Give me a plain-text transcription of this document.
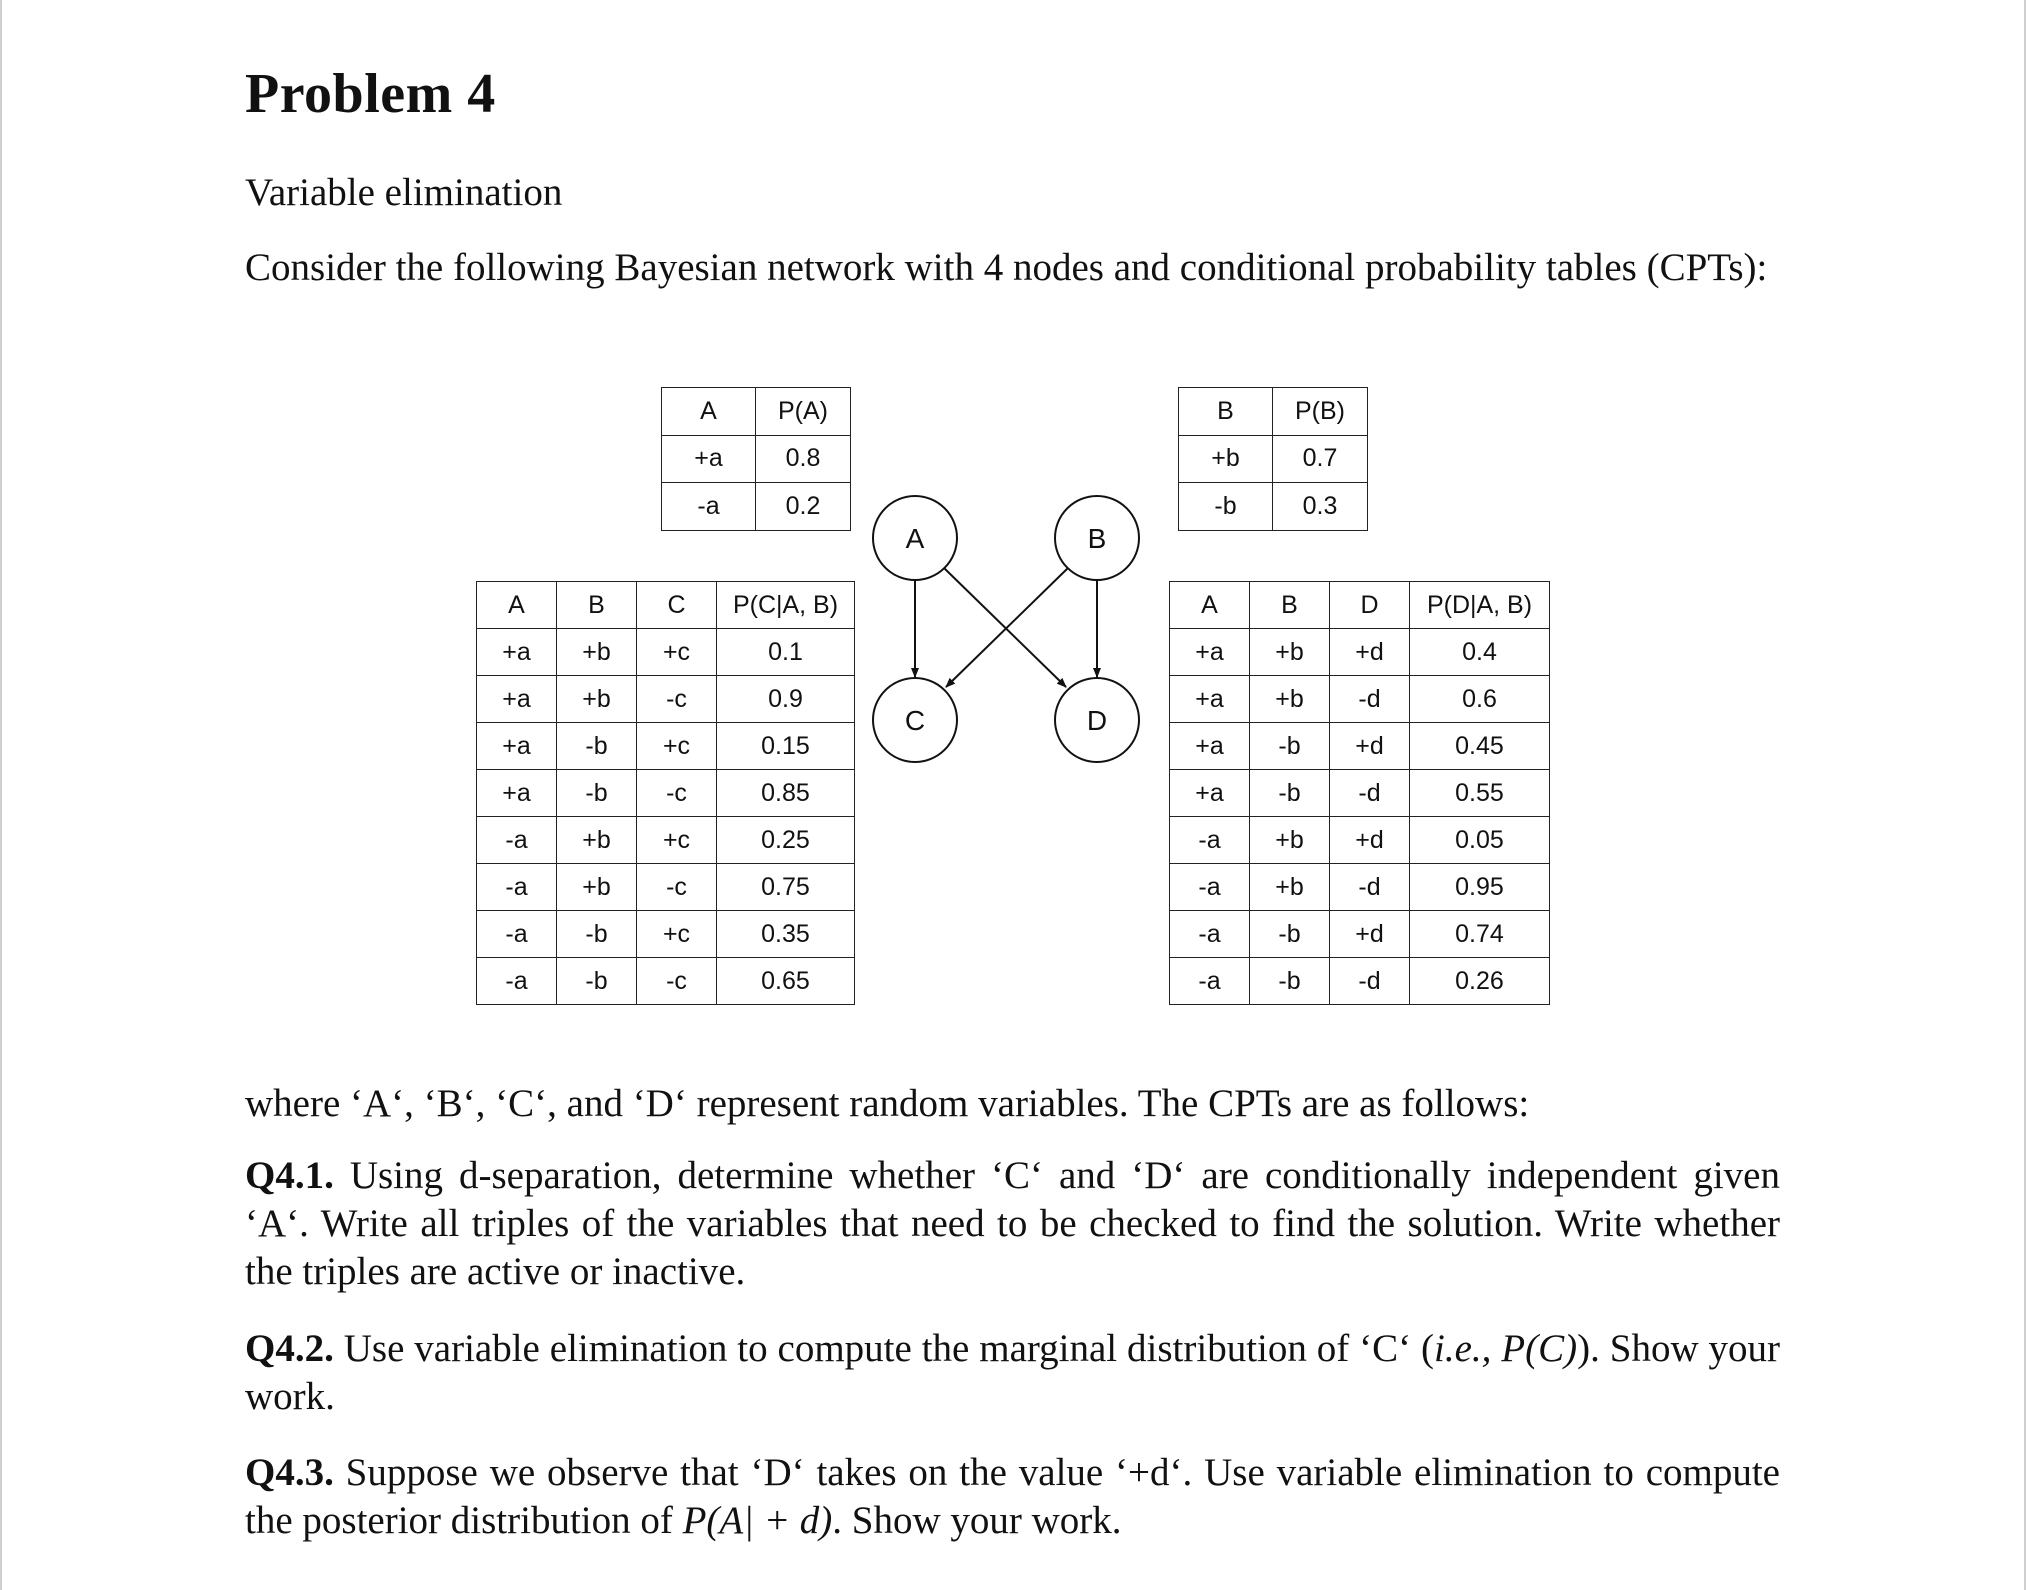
Problem 4
Variable elimination
Consider the following Bayesian network with 4 nodes and conditional probability tables (CPTs):
A	P(A)
+a	0.8
-a	0.2
B	P(B)
+b	0.7
-b	0.3
A	B	C	P(C|A, B)
+a	+b	+c	0.1
+a	+b	-c	0.9
+a	-b	+c	0.15
+a	-b	-c	0.85
-a	+b	+c	0.25
-a	+b	-c	0.75
-a	-b	+c	0.35
-a	-b	-c	0.65
A	B	D	P(D|A, B)
+a	+b	+d	0.4
+a	+b	-d	0.6
+a	-b	+d	0.45
+a	-b	-d	0.55
-a	+b	+d	0.05
-a	+b	-d	0.95
-a	-b	+d	0.74
-a	-b	-d	0.26
A	B
C	D
where ‘A‘, ‘B‘, ‘C‘, and ‘D‘ represent random variables. The CPTs are as follows:
Q4.1. Using d-separation, determine whether ‘C‘ and ‘D‘ are conditionally independent given ‘A‘. Write all triples of the variables that need to be checked to find the solution. Write whether the triples are active or inactive.
Q4.2. Use variable elimination to compute the marginal distribution of ‘C‘ (i.e., P(C)). Show your work.
Q4.3. Suppose we observe that ‘D‘ takes on the value ‘+d‘. Use variable elimination to compute the posterior distribution of P(A| + d). Show your work.
